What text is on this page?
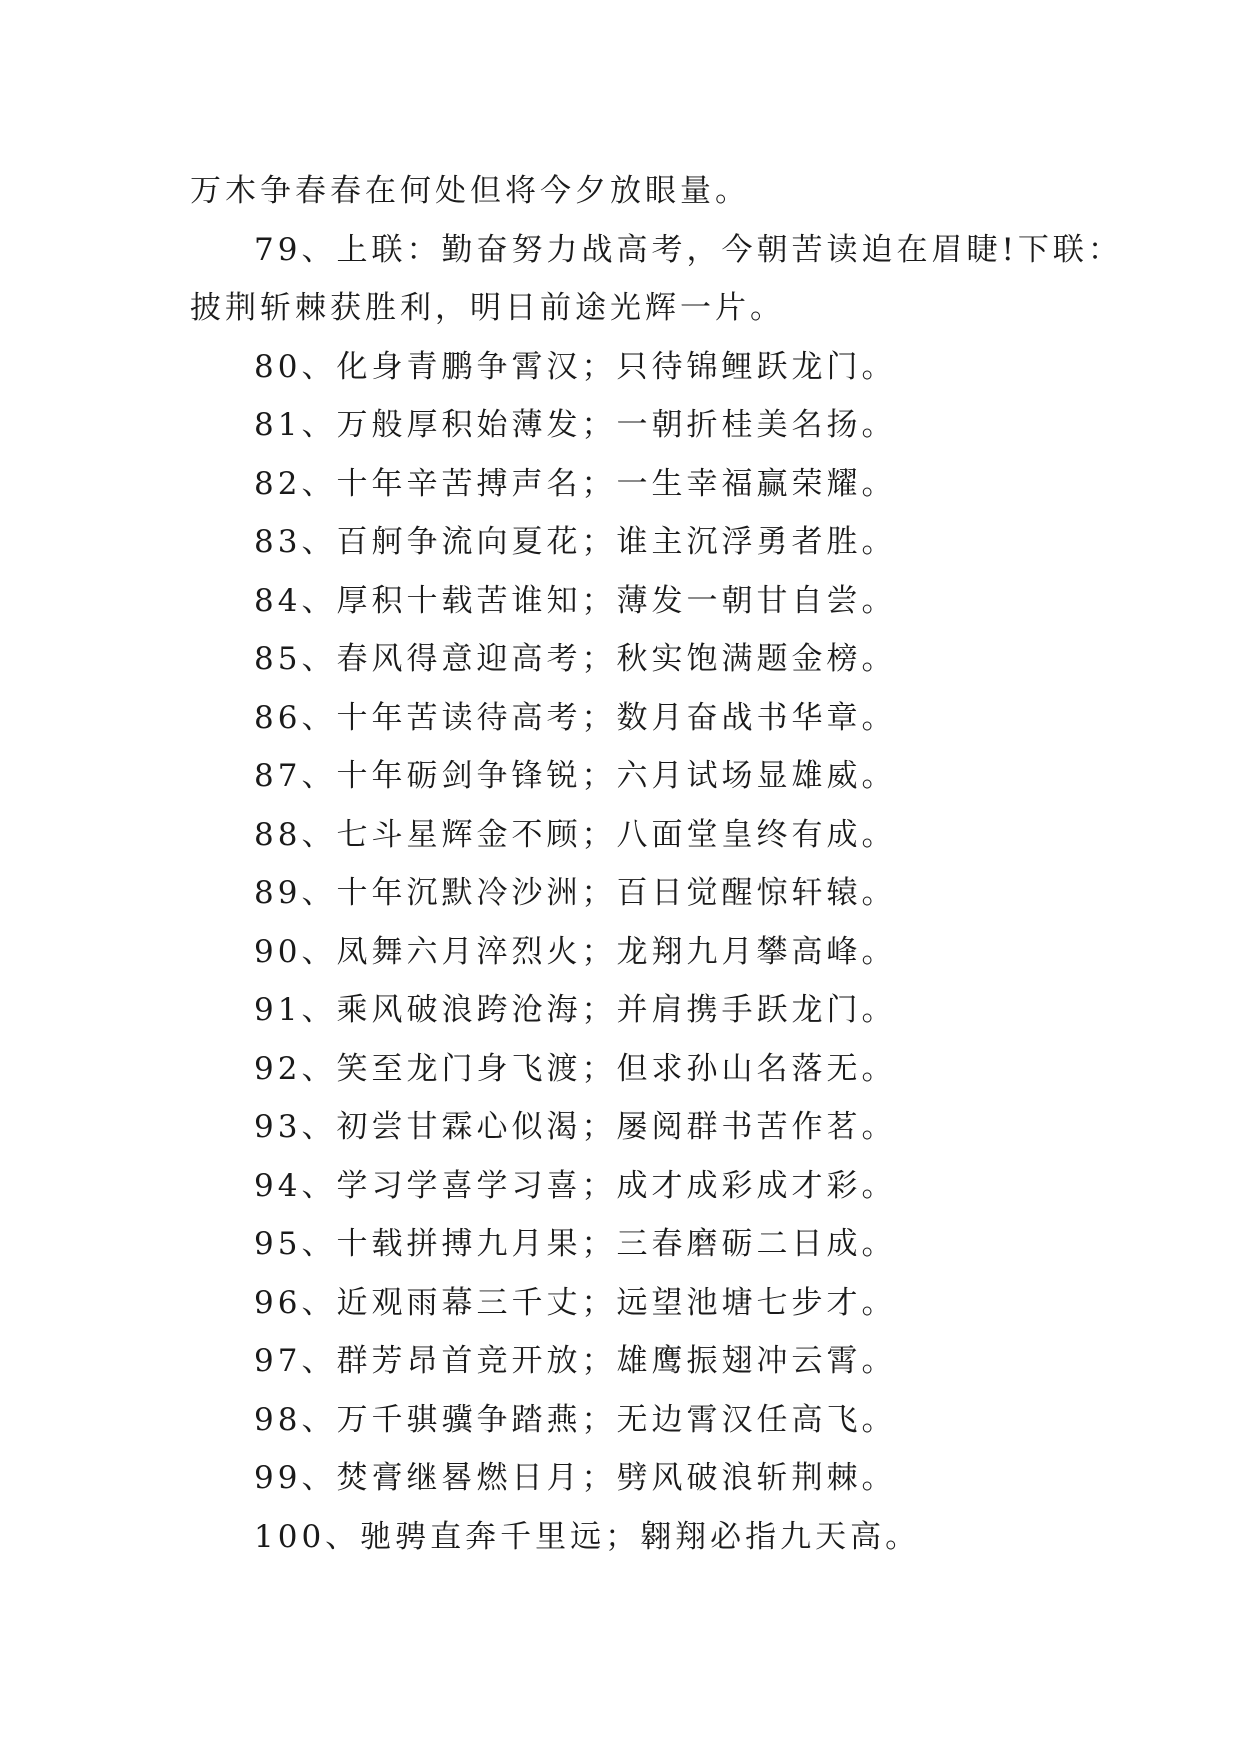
万木争春春在何处但将今夕放眼量。
79、上联：勤奋努力战高考，今朝苦读迫在眉睫!下联：
披荆斩棘获胜利，明日前途光辉一片。
80、化身青鹏争霄汉；只待锦鲤跃龙门。
81、万般厚积始薄发；一朝折桂美名扬。
82、十年辛苦搏声名；一生幸福赢荣耀。
83、百舸争流向夏花；谁主沉浮勇者胜。
84、厚积十载苦谁知；薄发一朝甘自尝。
85、春风得意迎高考；秋实饱满题金榜。
86、十年苦读待高考；数月奋战书华章。
87、十年砺剑争锋锐；六月试场显雄威。
88、七斗星辉金不顾；八面堂皇终有成。
89、十年沉默冷沙洲；百日觉醒惊轩辕。
90、凤舞六月淬烈火；龙翔九月攀高峰。
91、乘风破浪跨沧海；并肩携手跃龙门。
92、笑至龙门身飞渡；但求孙山名落无。
93、初尝甘霖心似渴；屡阅群书苦作茗。
94、学习学喜学习喜；成才成彩成才彩。
95、十载拼搏九月果；三春磨砺二日成。
96、近观雨幕三千丈；远望池塘七步才。
97、群芳昂首竞开放；雄鹰振翅冲云霄。
98、万千骐骥争踏燕；无边霄汉任高飞。
99、焚膏继晷燃日月；劈风破浪斩荆棘。
100、驰骋直奔千里远；翱翔必指九天高。
